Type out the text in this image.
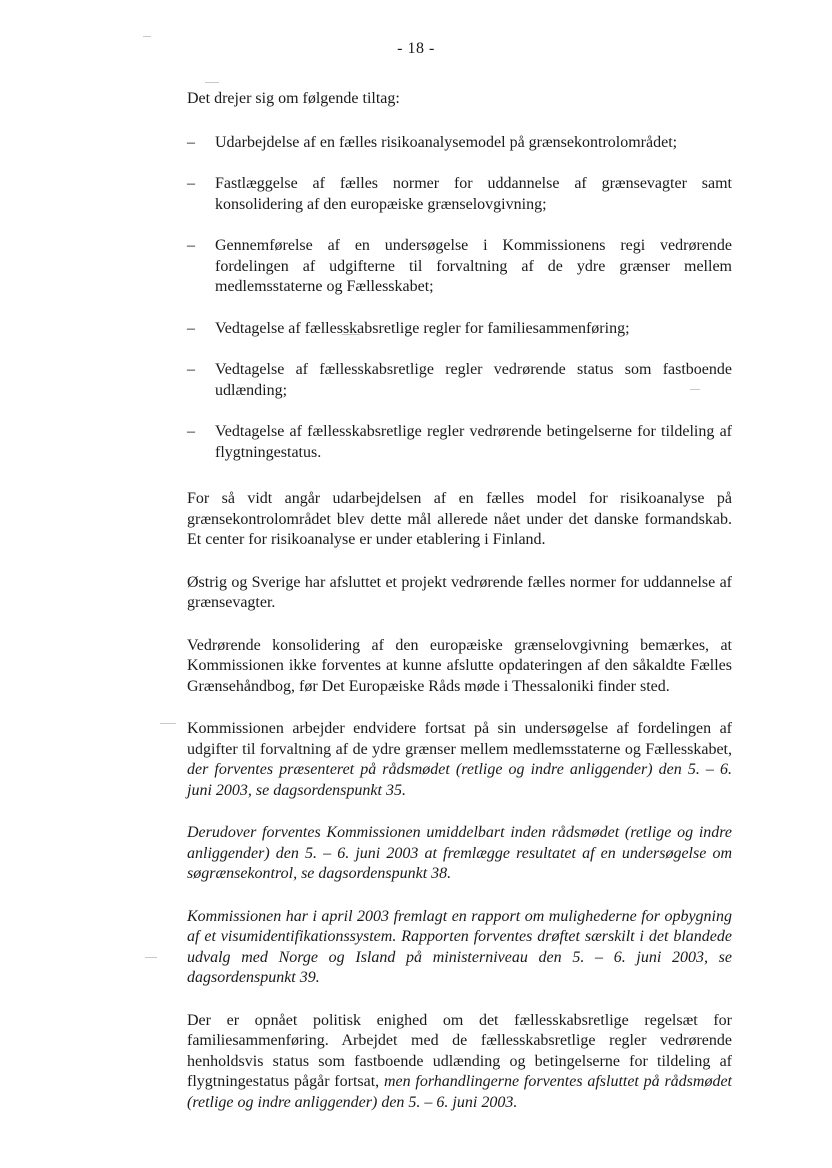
- 18 -

Det drejer sig om følgende tiltag:

– Udarbejdelse af en fælles risikoanalysemodel på grænsekontrolområdet;
– Fastlæggelse af fælles normer for uddannelse af grænsevagter samt konsolidering af den europæiske grænselovgivning;
– Gennemførelse af en undersøgelse i Kommissionens regi vedrørende fordelingen af udgifterne til forvaltning af de ydre grænser mellem medlemsstaterne og Fællesskabet;
– Vedtagelse af fællesskabsretlige regler for familiesammenføring;
– Vedtagelse af fællesskabsretlige regler vedrørende status som fastboende udlænding;
– Vedtagelse af fællesskabsretlige regler vedrørende betingelserne for tildeling af flygtningestatus.

For så vidt angår udarbejdelsen af en fælles model for risikoanalyse på grænsekontrolområdet blev dette mål allerede nået under det danske formandskab. Et center for risikoanalyse er under etablering i Finland.

Østrig og Sverige har afsluttet et projekt vedrørende fælles normer for uddannelse af grænsevagter.

Vedrørende konsolidering af den europæiske grænselovgivning bemærkes, at Kommissionen ikke forventes at kunne afslutte opdateringen af den såkaldte Fælles Grænsehåndbog, før Det Europæiske Råds møde i Thessaloniki finder sted.

Kommissionen arbejder endvidere fortsat på sin undersøgelse af fordelingen af udgifter til forvaltning af de ydre grænser mellem medlemsstaterne og Fællesskabet, der forventes præsenteret på rådsmødet (retlige og indre anliggender) den 5. – 6. juni 2003, se dagsordenspunkt 35.

Derudover forventes Kommissionen umiddelbart inden rådsmødet (retlige og indre anliggender) den 5. – 6. juni 2003 at fremlægge resultatet af en undersøgelse om søgrænsekontrol, se dagsordenspunkt 38.

Kommissionen har i april 2003 fremlagt en rapport om mulighederne for opbygning af et visumidentifikationssystem. Rapporten forventes drøftet særskilt i det blandede udvalg med Norge og Island på ministerniveau den 5. – 6. juni 2003, se dagsordenspunkt 39.

Der er opnået politisk enighed om det fællesskabsretlige regelsæt for familiesammenføring. Arbejdet med de fællesskabsretlige regler vedrørende henholdsvis status som fastboende udlænding og betingelserne for tildeling af flygtningestatus pågår fortsat, men forhandlingerne forventes afsluttet på rådsmødet (retlige og indre anliggender) den 5. – 6. juni 2003.
